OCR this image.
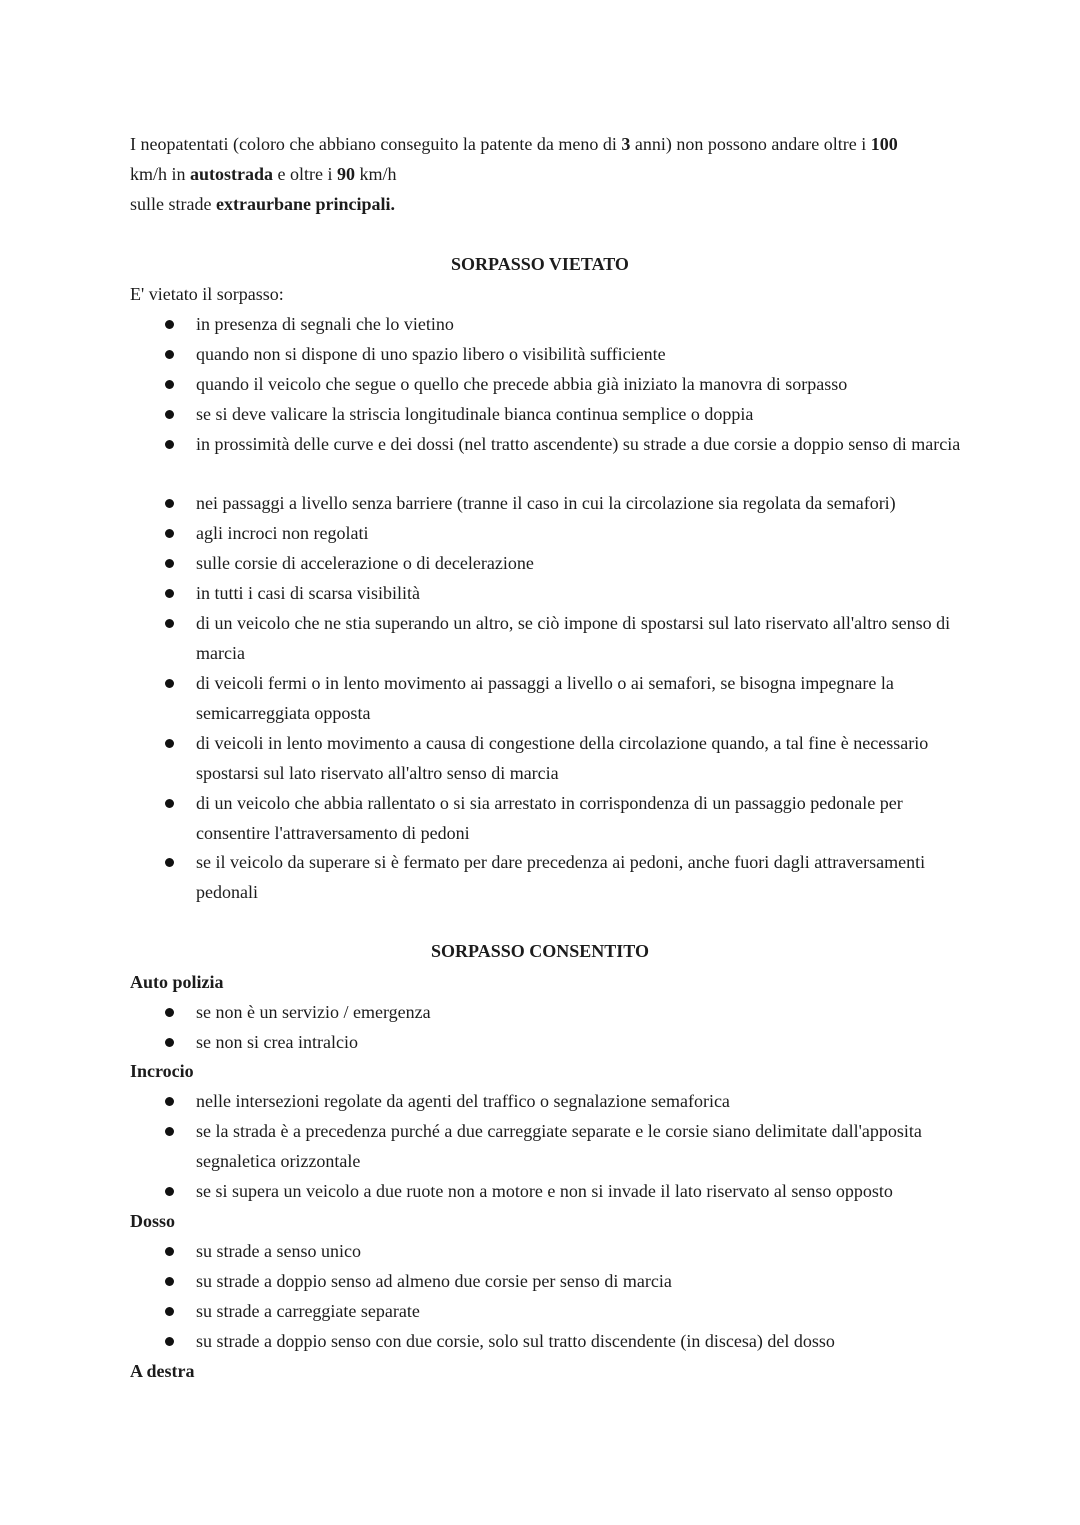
I neopatentati (coloro che abbiano conseguito la patente da meno di 3 anni) non possono andare oltre i 100
km/h in autostrada e oltre i 90 km/h
sulle strade extraurbane principali.
SORPASSO VIETATO
E' vietato il sorpasso:
in presenza di segnali che lo vietino
quando non si dispone di uno spazio libero o visibilità sufficiente
quando il veicolo che segue o quello che precede abbia già iniziato la manovra di sorpasso
se si deve valicare la striscia longitudinale bianca continua semplice o doppia
in prossimità delle curve e dei dossi (nel tratto ascendente) su strade a due corsie a doppio senso di marcia
nei passaggi a livello senza barriere (tranne il caso in cui la circolazione sia regolata da semafori)
agli incroci non regolati
sulle corsie di accelerazione o di decelerazione
in tutti i casi di scarsa visibilità
di un veicolo che ne stia superando un altro, se ciò impone di spostarsi sul lato riservato all'altro senso di marcia
di veicoli fermi o in lento movimento ai passaggi a livello o ai semafori, se bisogna impegnare la semicarreggiata opposta
di veicoli in lento movimento a causa di congestione della circolazione quando, a tal fine è necessario spostarsi sul lato riservato all'altro senso di marcia
di un veicolo che abbia rallentato o si sia arrestato in corrispondenza di un passaggio pedonale per consentire l'attraversamento di pedoni
se il veicolo da superare si è fermato per dare precedenza ai pedoni, anche fuori dagli attraversamenti pedonali
SORPASSO CONSENTITO
Auto polizia
se non è un servizio / emergenza
se non si crea intralcio
Incrocio
nelle intersezioni regolate da agenti del traffico o segnalazione semaforica
se la strada è a precedenza purché a due carreggiate separate e le corsie siano delimitate dall'apposita segnaletica orizzontale
se si supera un veicolo a due ruote non a motore e non si invade il lato riservato al senso opposto
Dosso
su strade a senso unico
su strade a doppio senso ad almeno due corsie per senso di marcia
su strade a carreggiate separate
su strade a doppio senso con due corsie, solo sul tratto discendente (in discesa) del dosso
A destra
